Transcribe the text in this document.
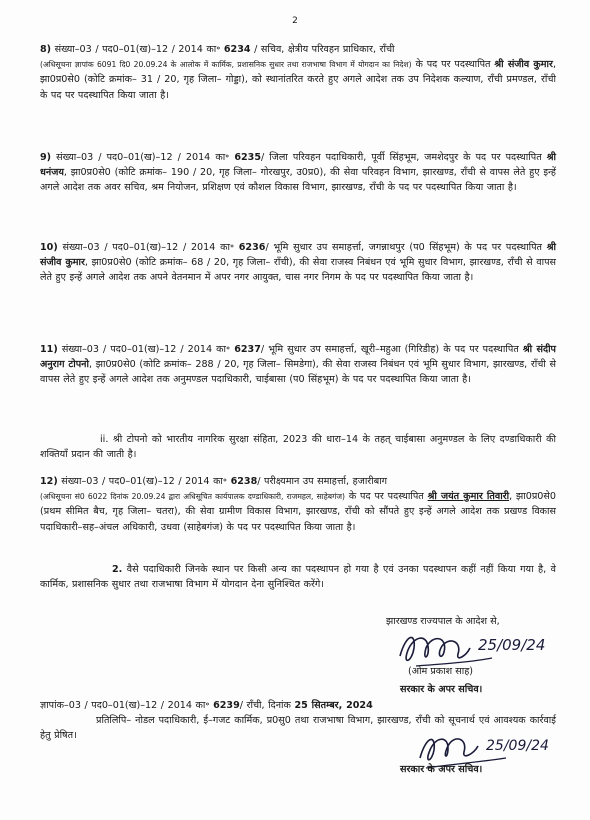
2
8) संख्या–03 / पद0–01(ख)–12 / 2014 का॰ 6234 / सचिव, क्षेत्रीय परिवहन प्राधिकार, राँची
(अधिसूचना ज्ञापांक 6091 दि0 20.09.24 के आलोक में कार्मिक, प्रशासनिक सुधार तथा राजभाषा विभाग में योगदान का निदेश) के पद पर पदस्थापित श्री संजीव कुमार, झा0प्र0से0 (कोटि क्रमांक– 31 / 20, गृह जिला– गोड्डा), को स्थानांतरित करते हुए अगले आदेश तक उप निदेशक कल्याण, राँची प्रमण्डल, राँची के पद पर पदस्थापित किया जाता है।
9) संख्या–03 / पद0–01(ख)–12 / 2014 का॰ 6235/ जिला परिवहन पदाधिकारी, पूर्वी सिंहभूम, जमशेदपुर के पद पर पदस्थापित श्री धनंजय, झा0प्र0से0 (कोटि क्रमांक– 190 / 20, गृह जिला– गोरखपुर, उ0प्र0), की सेवा परिवहन विभाग, झारखण्ड, राँची से वापस लेते हुए इन्हें अगले आदेश तक अवर सचिव, श्रम नियोजन, प्रशिक्षण एवं कौशल विकास विभाग, झारखण्ड, राँची के पद पर पदस्थापित किया जाता है।
10) संख्या–03 / पद0–01(ख)–12 / 2014 का॰ 6236/ भूमि सुधार उप समाहर्त्ता, जगन्नाथपुर (प0 सिंहभूम) के पद पर पदस्थापित श्री संजीव कुमार, झा0प्र0से0 (कोटि क्रमांक– 68 / 20, गृह जिला– राँची), की सेवा राजस्व निबंधन एवं भूमि सुधार विभाग, झारखण्ड, राँची से वापस लेते हुए इन्हें अगले आदेश तक अपने वेतनमान में अपर नगर आयुक्त, चास नगर निगम के पद पर पदस्थापित किया जाता है।
11) संख्या–03 / पद0–01(ख)–12 / 2014 का॰ 6237/ भूमि सुधार उप समाहर्त्ता, खूरी–महुआ (गिरिडीह) के पद पर पदस्थापित श्री संदीप अनुराग टोपनो, झा0प्र0से0 (कोटि क्रमांक– 288 / 20, गृह जिला– सिमडेगा), की सेवा राजस्व निबंधन एवं भूमि सुधार विभाग, झारखण्ड, राँची से वापस लेते हुए इन्हें अगले आदेश तक अनुमण्डल पदाधिकारी, चाईबासा (प0 सिंहभूम) के पद पर पदस्थापित किया जाता है।
ii. श्री टोपनो को भारतीय नागरिक सुरक्षा संहिता, 2023 की धारा–14 के तहत् चाईबासा अनुमण्डल के लिए दण्डाधिकारी की शक्तियाँ प्रदान की जाती है।
12) संख्या–03 / पद0–01(ख)–12 / 2014 का॰ 6238/ परीक्ष्यमान उप समाहर्त्ता, हजारीबाग
(अधिसूचना सं0 6022 दिनांक 20.09.24 द्वारा अधिसूचित कार्यपालक दण्डाधिकारी, राजमहल, साहेबगंज) के पद पर पदस्थापित श्री जयंत कुमार तिवारी, झा0प्र0से0 (प्रथम सीमित बैच, गृह जिला– चतरा), की सेवा ग्रामीण विकास विभाग, झारखण्ड, राँची को सौंपते हुए इन्हें अगले आदेश तक प्रखण्ड विकास पदाधिकारी–सह–अंचल अधिकारी, उधवा (साहेबगंज) के पद पर पदस्थापित किया जाता है।
2. वैसे पदाधिकारी जिनके स्थान पर किसी अन्य का पदस्थापन हो गया है एवं उनका पदस्थापन कहीं नहीं किया गया है, वे कार्मिक, प्रशासनिक सुधार तथा राजभाषा विभाग में योगदान देना सुनिश्चित करेंगे।
झारखण्ड राज्यपाल के आदेश से,
25/09/24
(ओम प्रकाश साह)
सरकार के अपर सचिव।
ज्ञापांक–03 / पद0–01(ख)–12 / 2014 का॰ 6239/ राँची, दिनांक 25 सितम्बर, 2024
प्रतिलिपि– नोडल पदाधिकारी, ई–गजट कार्मिक, प्र0सु0 तथा राजभाषा विभाग, झारखण्ड, राँची को सूचनार्थ एवं आवश्यक कार्रवाई हेतु प्रेषित।
25/09/24
सरकार के अपर सचिव।
